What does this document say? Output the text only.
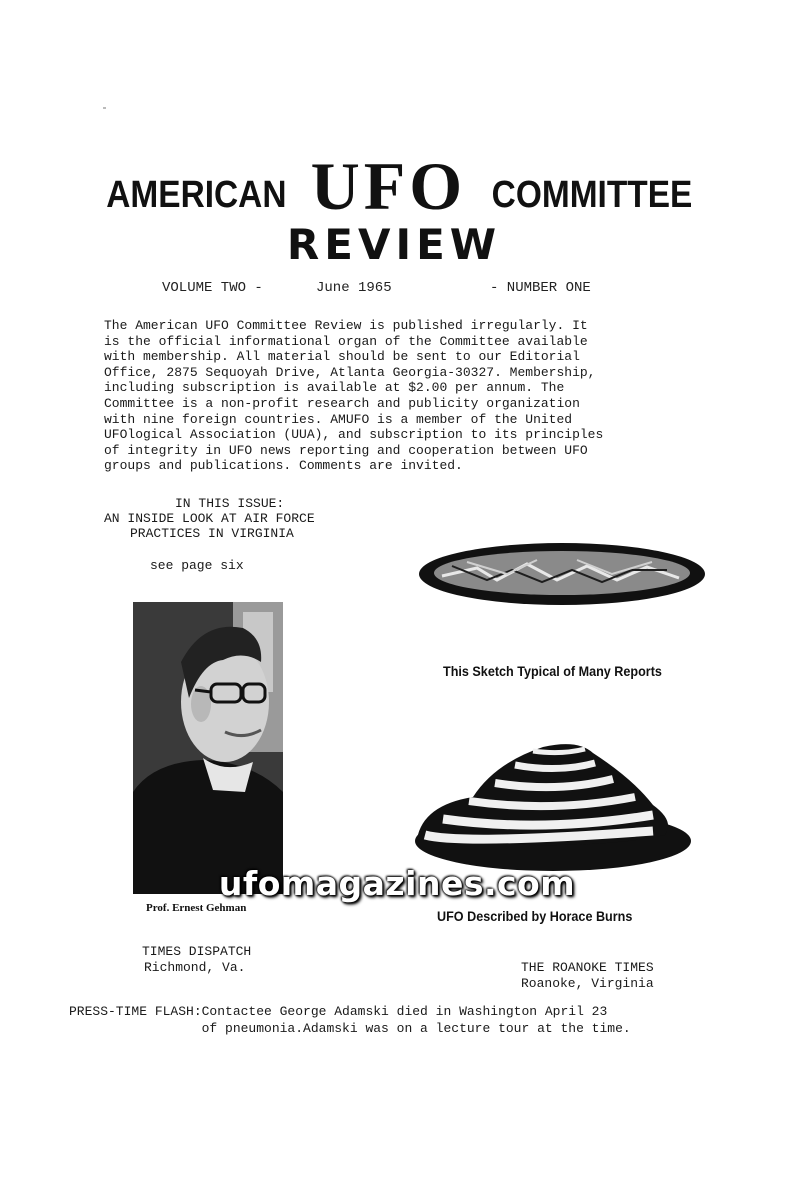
AMERICAN UFO COMMITTEE
REVIEW
VOLUME TWO -	June 1965	- NUMBER ONE
The American UFO Committee Review is published irregularly. It
is the official informational organ of the Committee available
with membership. All material should be sent to our Editorial
Office, 2875 Sequoyah Drive, Atlanta Georgia-30327. Membership,
including subscription is available at $2.00 per annum. The
Committee is a non-profit research and publicity organization
with nine foreign countries. AMUFO is a member of the United
UFOlogical Association (UUA), and subscription to its principles
of integrity in UFO news reporting and cooperation between UFO
groups and publications. Comments are invited.
IN THIS ISSUE:
AN INSIDE LOOK AT AIR FORCE
PRACTICES IN VIRGINIA
see page six
This Sketch Typical of Many Reports
UFO Described by Horace Burns
Prof. Ernest Gehman
ufomagazines.com
TIMES DISPATCH
Richmond, Va.	THE ROANOKE TIMES
Roanoke, Virginia
PRESS-TIME FLASH:Contactee George Adamski died in Washington April 23
of pneumonia.Adamski was on a lecture tour at the time.
